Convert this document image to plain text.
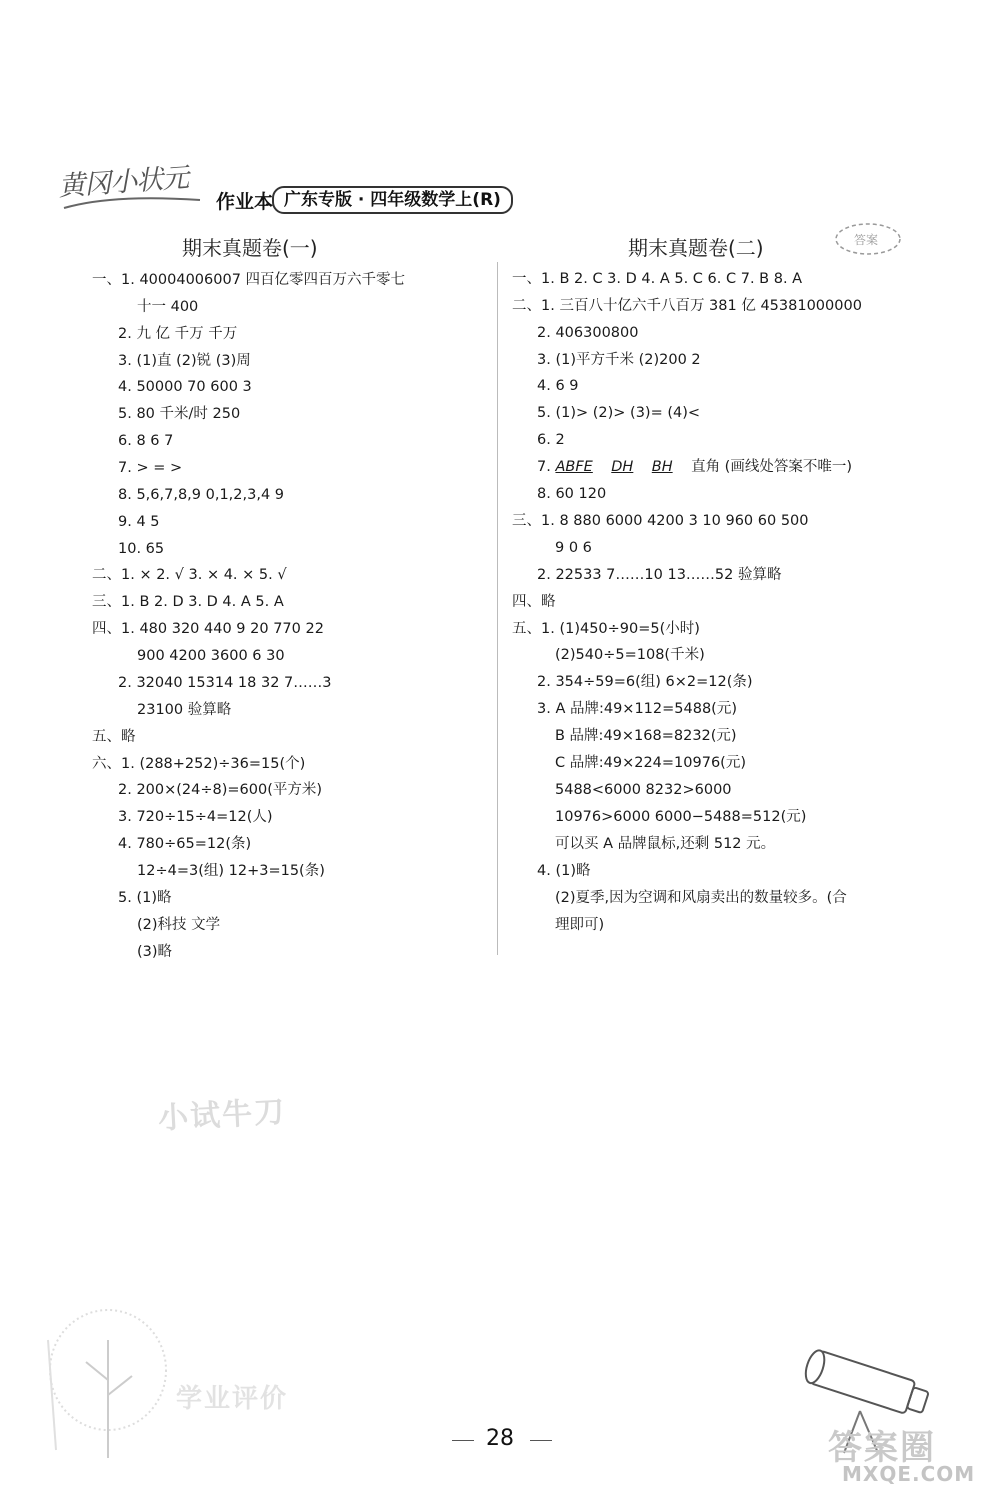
黄冈小状元 作业本 广东专版 · 四年级数学上(R)
期末真题卷(一)	期末真题卷(二)	答案
一、1. 40004006007 四百亿零四百万六千零七
十一 400
2. 九 亿 千万 千万
3. (1)直 (2)锐 (3)周
4. 50000 70 600 3
5. 80 千米/时 250
6. 8 6 7
7. > = >
8. 5,6,7,8,9 0,1,2,3,4 9
9. 4 5
10. 65
二、1. × 2. √ 3. × 4. × 5. √
三、1. B 2. D 3. D 4. A 5. A
四、1. 480 320 440 9 20 770 22
900 4200 3600 6 30
2. 32040 15314 18 32 7……3
23100 验算略
五、略
六、1. (288+252)÷36=15(个)
2. 200×(24÷8)=600(平方米)
3. 720÷15÷4=12(人)
4. 780÷65=12(条)
12÷4=3(组) 12+3=15(条)
5. (1)略
(2)科技 文学
(3)略
一、1. B 2. C 3. D 4. A 5. C 6. C 7. B 8. A
二、1. 三百八十亿六千八百万 381 亿 45381000000
2. 406300800
3. (1)平方千米 (2)200 2
4. 6 9
5. (1)> (2)> (3)= (4)<
6. 2
7. ABFE DH BH 直角 (画线处答案不唯一)
8. 60 120
三、1. 8 880 6000 4200 3 10 960 60 500
9 0 6
2. 22533 7……10 13……52 验算略
四、略
五、1. (1)450÷90=5(小时)
(2)540÷5=108(千米)
2. 354÷59=6(组) 6×2=12(条)
3. A 品牌:49×112=5488(元)
B 品牌:49×168=8232(元)
C 品牌:49×224=10976(元)
5488<6000 8232>6000
10976>6000 6000−5488=512(元)
可以买 A 品牌鼠标,还剩 512 元。
4. (1)略
(2)夏季,因为空调和风扇卖出的数量较多。(合
理即可)
小试牛刀
学业评价
28	答案圈
MXQE.COM
